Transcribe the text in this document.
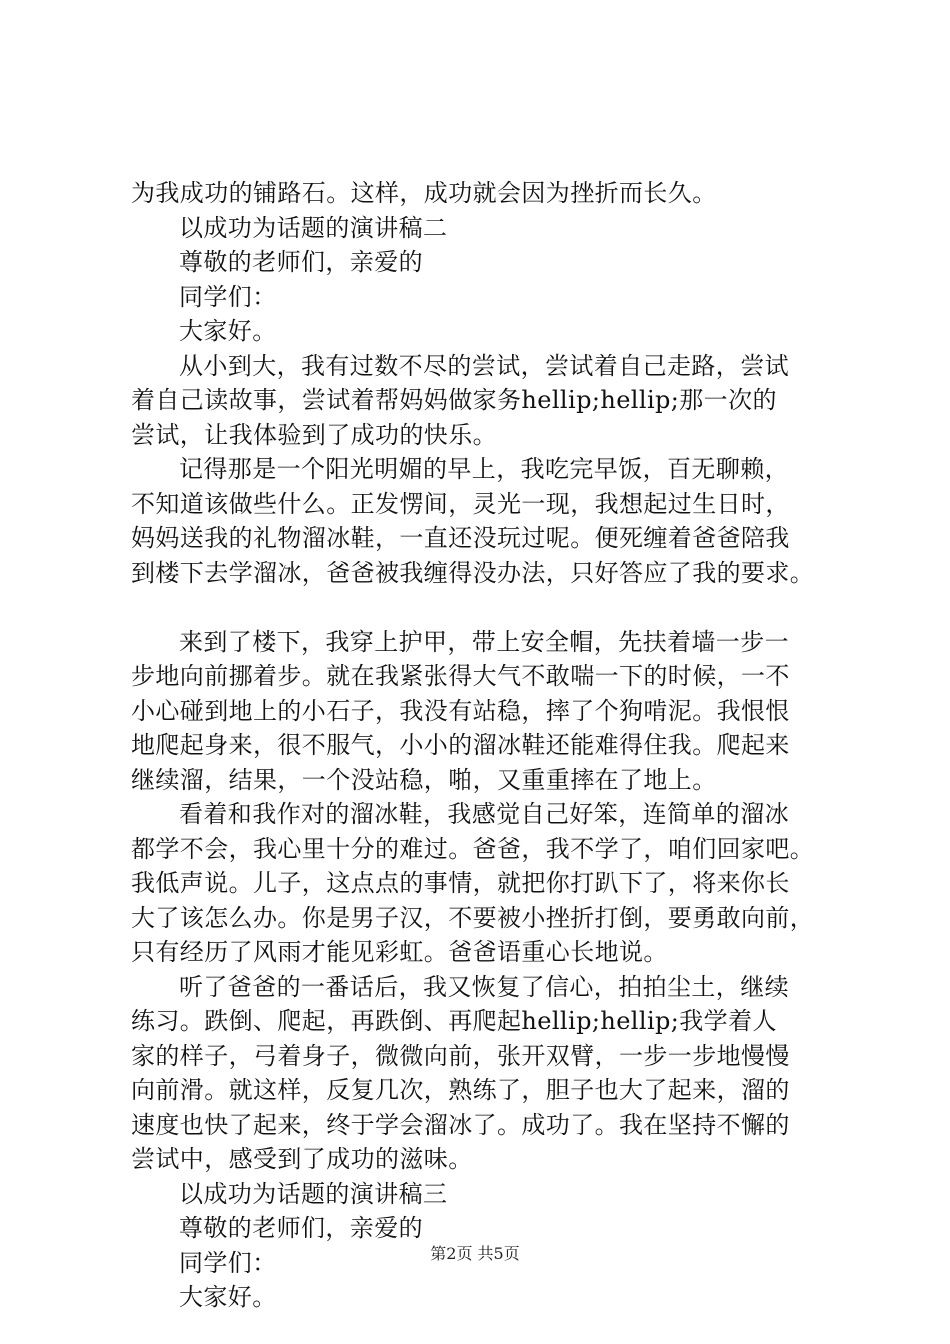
为我成功的铺路石。这样，成功就会因为挫折而长久。
以成功为话题的演讲稿二
尊敬的老师们，亲爱的
同学们：
大家好。
从小到大，我有过数不尽的尝试，尝试着自己走路，尝试
着自己读故事，尝试着帮妈妈做家务hellip;hellip;那一次的
尝试，让我体验到了成功的快乐。
记得那是一个阳光明媚的早上，我吃完早饭，百无聊赖，
不知道该做些什么。正发愣间，灵光一现，我想起过生日时，
妈妈送我的礼物溜冰鞋，一直还没玩过呢。便死缠着爸爸陪我
到楼下去学溜冰，爸爸被我缠得没办法，只好答应了我的要求。
来到了楼下，我穿上护甲，带上安全帽，先扶着墙一步一
步地向前挪着步。就在我紧张得大气不敢喘一下的时候，一不
小心碰到地上的小石子，我没有站稳，摔了个狗啃泥。我恨恨
地爬起身来，很不服气，小小的溜冰鞋还能难得住我。爬起来
继续溜，结果，一个没站稳，啪，又重重摔在了地上。
看着和我作对的溜冰鞋，我感觉自己好笨，连简单的溜冰
都学不会，我心里十分的难过。爸爸，我不学了，咱们回家吧。
我低声说。儿子，这点点的事情，就把你打趴下了，将来你长
大了该怎么办。你是男子汉，不要被小挫折打倒，要勇敢向前，
只有经历了风雨才能见彩虹。爸爸语重心长地说。
听了爸爸的一番话后，我又恢复了信心，拍拍尘土，继续
练习。跌倒、爬起，再跌倒、再爬起hellip;hellip;我学着人
家的样子，弓着身子，微微向前，张开双臂，一步一步地慢慢
向前滑。就这样，反复几次，熟练了，胆子也大了起来，溜的
速度也快了起来，终于学会溜冰了。成功了。我在坚持不懈的
尝试中，感受到了成功的滋味。
以成功为话题的演讲稿三
尊敬的老师们，亲爱的
同学们：
大家好。
第2页 共5页
